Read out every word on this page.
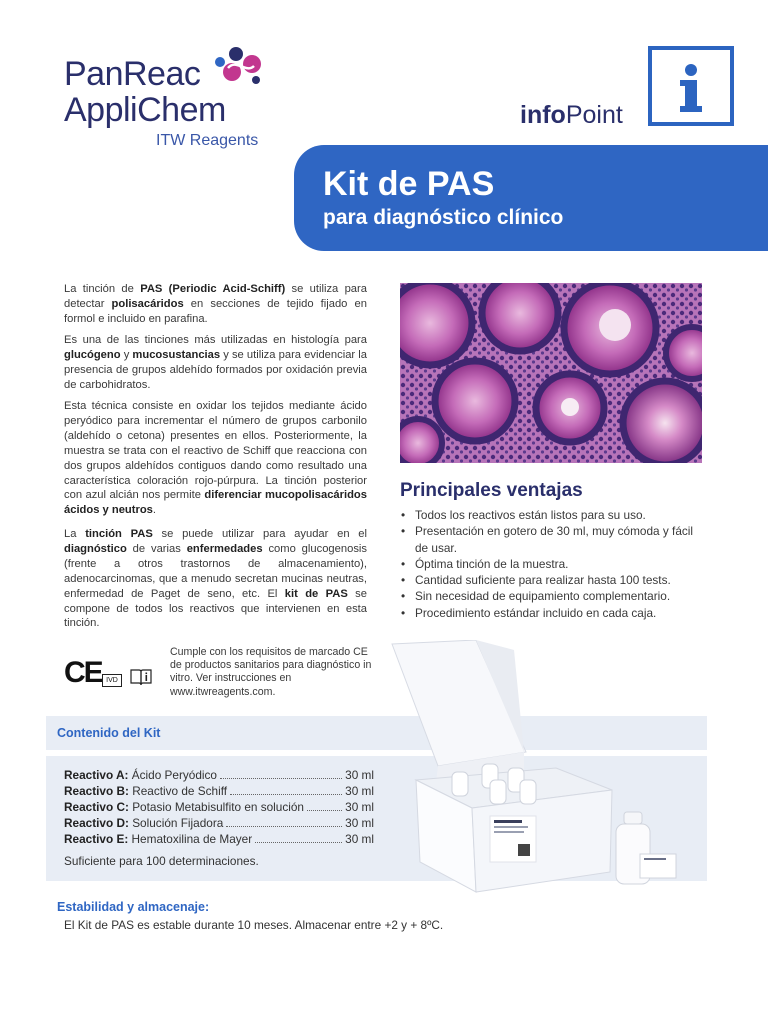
PanReac
AppliChem
ITW Reagents
infoPoint
Kit de PAS
para diagnóstico clínico
La tinción de PAS (Periodic Acid-Schiff) se utiliza para detectar polisacáridos en secciones de tejido fijado en formol e incluido en parafina.
Es una de las tinciones más utilizadas en histología para glucógeno y mucosustancias y se utiliza para evidenciar la presencia de grupos aldehído formados por oxidación previa de carbohidratos.
Esta técnica consiste en oxidar los tejidos mediante ácido peryódico para incrementar el número de grupos carbonilo (aldehído o cetona) presentes en ellos. Posteriormente, la muestra se trata con el reactivo de Schiff que reacciona con dos grupos aldehídos contiguos dando como resultado una característica coloración rojo-púrpura. La tinción posterior con azul alcián nos permite diferenciar mucopolisacáridos ácidos y neutros.
La tinción PAS se puede utilizar para ayudar en el diagnóstico de varias enfermedades como glucogenosis (frente a otros trastornos de almacenamiento), adenocarcinomas, que a menudo secretan mucinas neutras, enfermedad de Paget de seno, etc. El kit de PAS se compone de todos los reactivos que intervienen en esta tinción.
Principales ventajas
• Todos los reactivos están listos para su uso.
• Presentación en gotero de 30 ml, muy cómoda y fácil de usar.
• Óptima tinción de la muestra.
• Cantidad suficiente para realizar hasta 100 tests.
• Sin necesidad de equipamiento complementario.
• Procedimiento estándar incluido en cada caja.
CE IVD
Cumple con los requisitos de marcado CE de productos sanitarios para diagnóstico in vitro. Ver instrucciones en www.itwreagents.com.
Contenido del Kit
Reactivo A:
Ácido Peryódico	30 ml
Reactivo B:
Reactivo de Schiff	30 ml
Reactivo C:
Potasio Metabisulfito en solución	30 ml
Reactivo D:
Solución Fijadora	30 ml
Reactivo E:
Hematoxilina de Mayer	30 ml
Suficiente para 100 determinaciones.
Estabilidad y almacenaje:
El Kit de PAS es estable durante 10 meses. Almacenar entre +2 y + 8ºC.
